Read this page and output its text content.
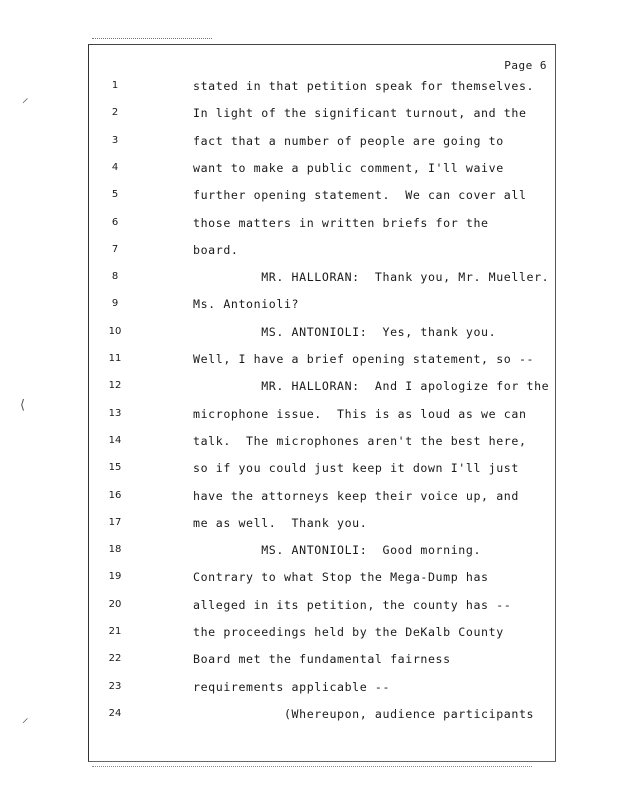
⸝
⟨
⸝
Page 6
1	stated in that petition speak for themselves.
2	In light of the significant turnout, and the
3	fact that a number of people are going to
4	want to make a public comment, I'll waive
5	further opening statement.  We can cover all
6	those matters in written briefs for the
7	board.
8	MR. HALLORAN:  Thank you, Mr. Mueller.
9	Ms. Antonioli?
10	MS. ANTONIOLI:  Yes, thank you.
11	Well, I have a brief opening statement, so --
12	MR. HALLORAN:  And I apologize for the
13	microphone issue.  This is as loud as we can
14	talk.  The microphones aren't the best here,
15	so if you could just keep it down I'll just
16	have the attorneys keep their voice up, and
17	me as well.  Thank you.
18	MS. ANTONIOLI:  Good morning.
19	Contrary to what Stop the Mega-Dump has
20	alleged in its petition, the county has --
21	the proceedings held by the DeKalb County
22	Board met the fundamental fairness
23	requirements applicable --
24	(Whereupon, audience participants
